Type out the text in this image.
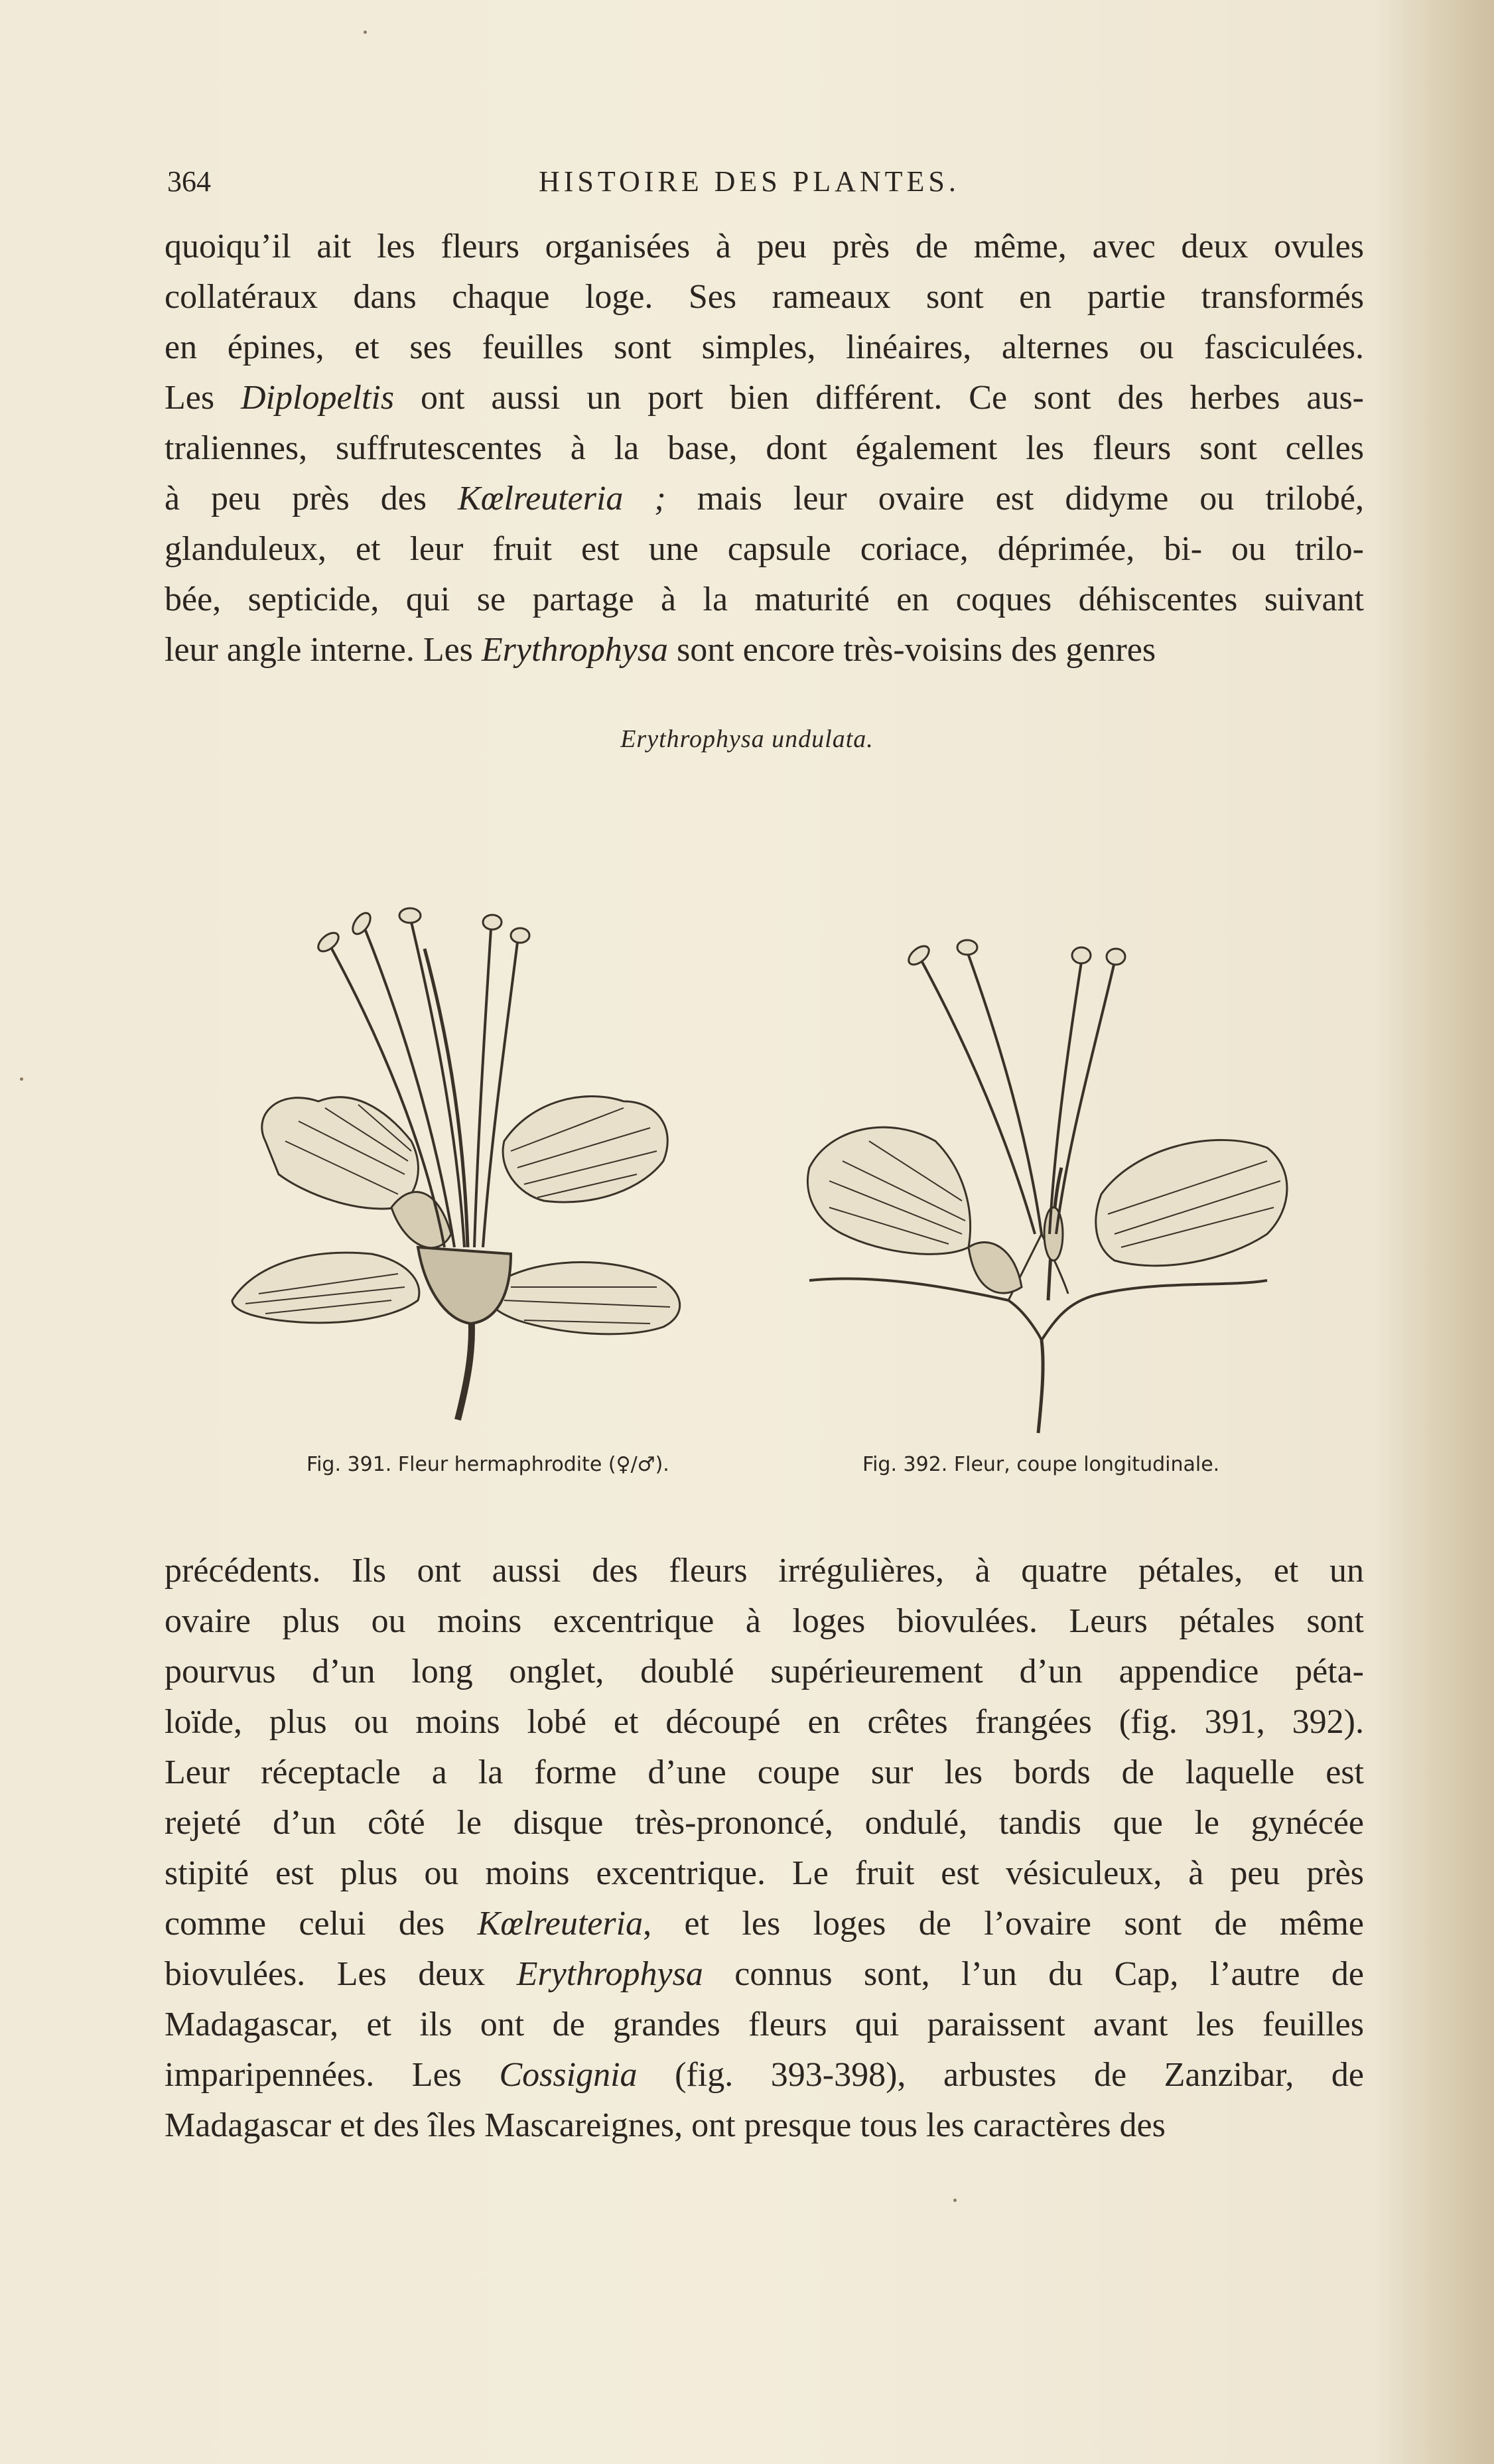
364	HISTOIRE DES PLANTES.
quoiqu’il ait les fleurs organisées à peu près de même, avec deux ovules
collatéraux dans chaque loge. Ses rameaux sont en partie transformés
en épines, et ses feuilles sont simples, linéaires, alternes ou fasciculées.
Les Diplopeltis ont aussi un port bien différent. Ce sont des herbes aus-
traliennes, suffrutescentes à la base, dont également les fleurs sont celles
à peu près des Kœlreuteria ; mais leur ovaire est didyme ou trilobé,
glanduleux, et leur fruit est une capsule coriace, déprimée, bi- ou trilo-
bée, septicide, qui se partage à la maturité en coques déhiscentes suivant
leur angle interne. Les Erythrophysa sont encore très-voisins des genres
Erythrophysa undulata.
Fig. 391. Fleur hermaphrodite (♀/♂).	Fig. 392. Fleur, coupe longitudinale.
précédents. Ils ont aussi des fleurs irrégulières, à quatre pétales, et un
ovaire plus ou moins excentrique à loges biovulées. Leurs pétales sont
pourvus d’un long onglet, doublé supérieurement d’un appendice péta-
loïde, plus ou moins lobé et découpé en crêtes frangées (fig. 391, 392).
Leur réceptacle a la forme d’une coupe sur les bords de laquelle est
rejeté d’un côté le disque très-prononcé, ondulé, tandis que le gynécée
stipité est plus ou moins excentrique. Le fruit est vésiculeux, à peu près
comme celui des Kœlreuteria, et les loges de l’ovaire sont de même
biovulées. Les deux Erythrophysa connus sont, l’un du Cap, l’autre de
Madagascar, et ils ont de grandes fleurs qui paraissent avant les feuilles
imparipennées. Les Cossignia (fig. 393-398), arbustes de Zanzibar, de
Madagascar et des îles Mascareignes, ont presque tous les caractères des
